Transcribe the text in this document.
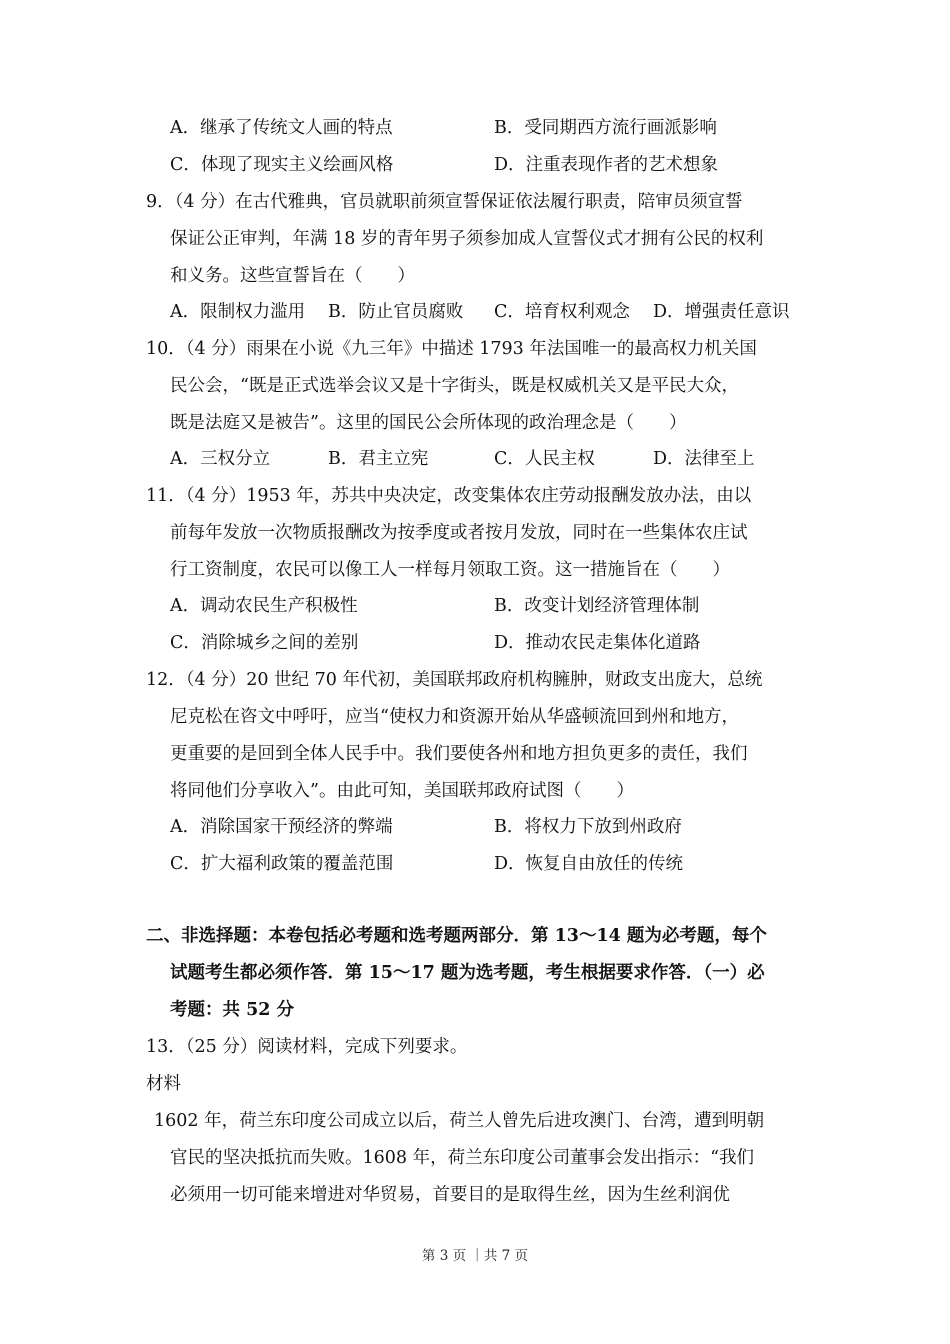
A．继承了传统文人画的特点	B．受同期西方流行画派影响
C．体现了现实主义绘画风格	D．注重表现作者的艺术想象
9．（4 分）在古代雅典，官员就职前须宣誓保证依法履行职责，陪审员须宣誓
保证公正审判，年满 18 岁的青年男子须参加成人宣誓仪式才拥有公民的权利
和义务。这些宣誓旨在（　　）
A．限制权力滥用 B．防止官员腐败 C．培育权利观念 D．增强责任意识
10．（4 分）雨果在小说《九三年》中描述 1793 年法国唯一的最高权力机关国
民公会，“既是正式选举会议又是十字街头，既是权威机关又是平民大众，
既是法庭又是被告”。这里的国民公会所体现的政治理念是（　　）
A．三权分立	B．君主立宪	C．人民主权	D．法律至上
11．（4 分）1953 年，苏共中央决定，改变集体农庄劳动报酬发放办法，由以
前每年发放一次物质报酬改为按季度或者按月发放，同时在一些集体农庄试
行工资制度，农民可以像工人一样每月领取工资。这一措施旨在（　　）
A．调动农民生产积极性	B．改变计划经济管理体制
C．消除城乡之间的差别	D．推动农民走集体化道路
12．（4 分）20 世纪 70 年代初，美国联邦政府机构臃肿，财政支出庞大，总统
尼克松在咨文中呼吁，应当“使权力和资源开始从华盛顿流回到州和地方，
更重要的是回到全体人民手中。我们要使各州和地方担负更多的责任，我们
将同他们分享收入”。由此可知，美国联邦政府试图（　　）
A．消除国家干预经济的弊端	B．将权力下放到州政府
C．扩大福利政策的覆盖范围	D．恢复自由放任的传统
二、非选择题：本卷包括必考题和选考题两部分．第 13～14 题为必考题，每个
试题考生都必须作答．第 15～17 题为选考题，考生根据要求作答．（一）必
考题：共 52 分
13．（25 分）阅读材料，完成下列要求。
材料
1602 年，荷兰东印度公司成立以后，荷兰人曾先后进攻澳门、台湾，遭到明朝
官民的坚决抵抗而失败。1608 年，荷兰东印度公司董事会发出指示：“我们
必须用一切可能来增进对华贸易，首要目的是取得生丝，因为生丝利润优
第 3 页 ｜共 7 页
